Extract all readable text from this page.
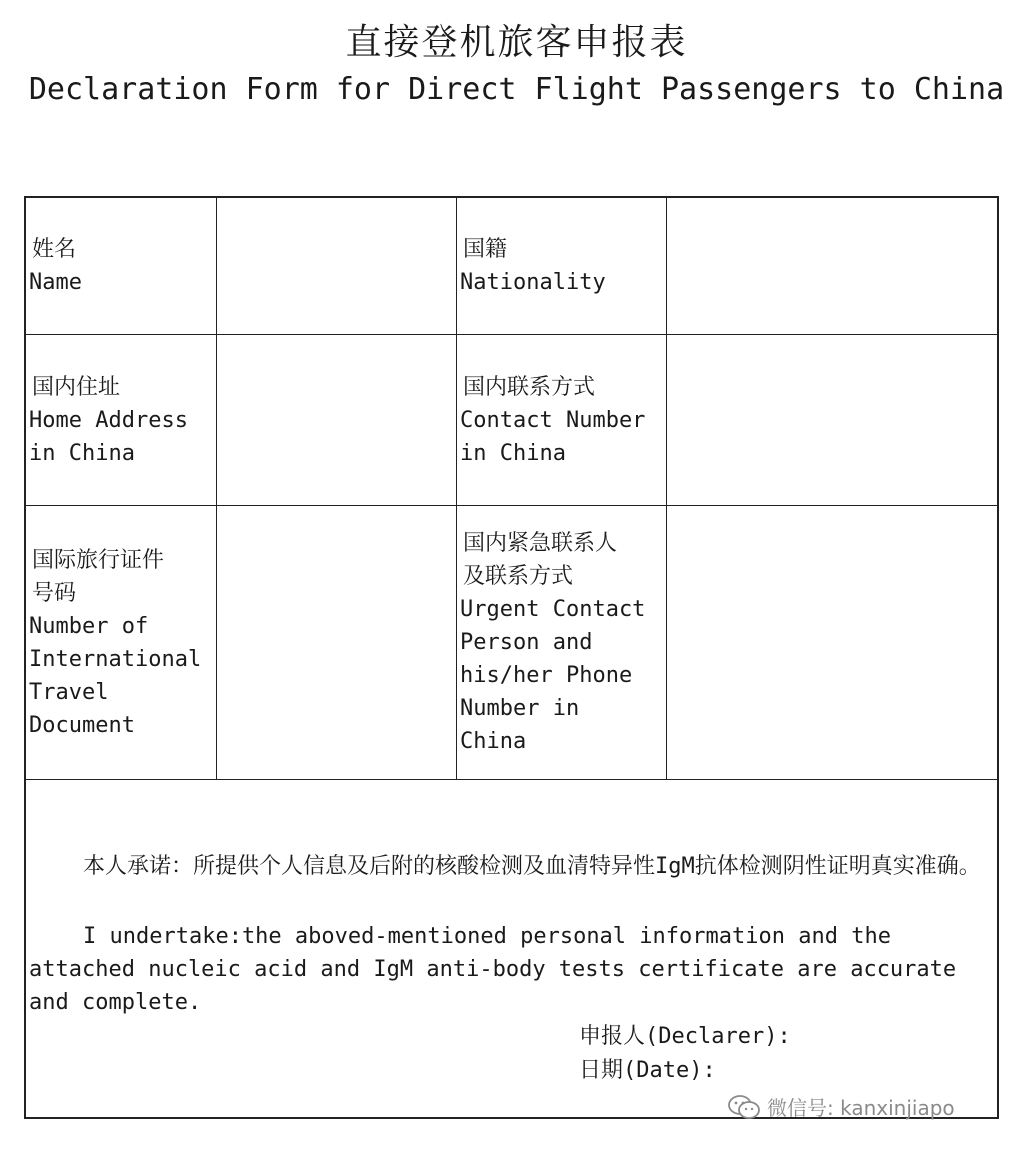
直接登机旅客申报表
Declaration Form for Direct Flight Passengers to China
姓名
Name
国籍
Nationality
国内住址
Home Address
in China
国内联系方式
Contact Number
in China
国际旅行证件
号码
Number of
International
Travel
Document
国内紧急联系人
及联系方式
Urgent Contact
Person and
his/her Phone
Number in
China
本人承诺：所提供个人信息及后附的核酸检测及血清特异性IgM抗体检测阴性证明真实准确。
I undertake:the aboved-mentioned personal information and the
attached nucleic acid and IgM anti-body tests certificate are accurate
and complete.
申报人(Declarer):
日期(Date):
微信号: kanxinjiapo
